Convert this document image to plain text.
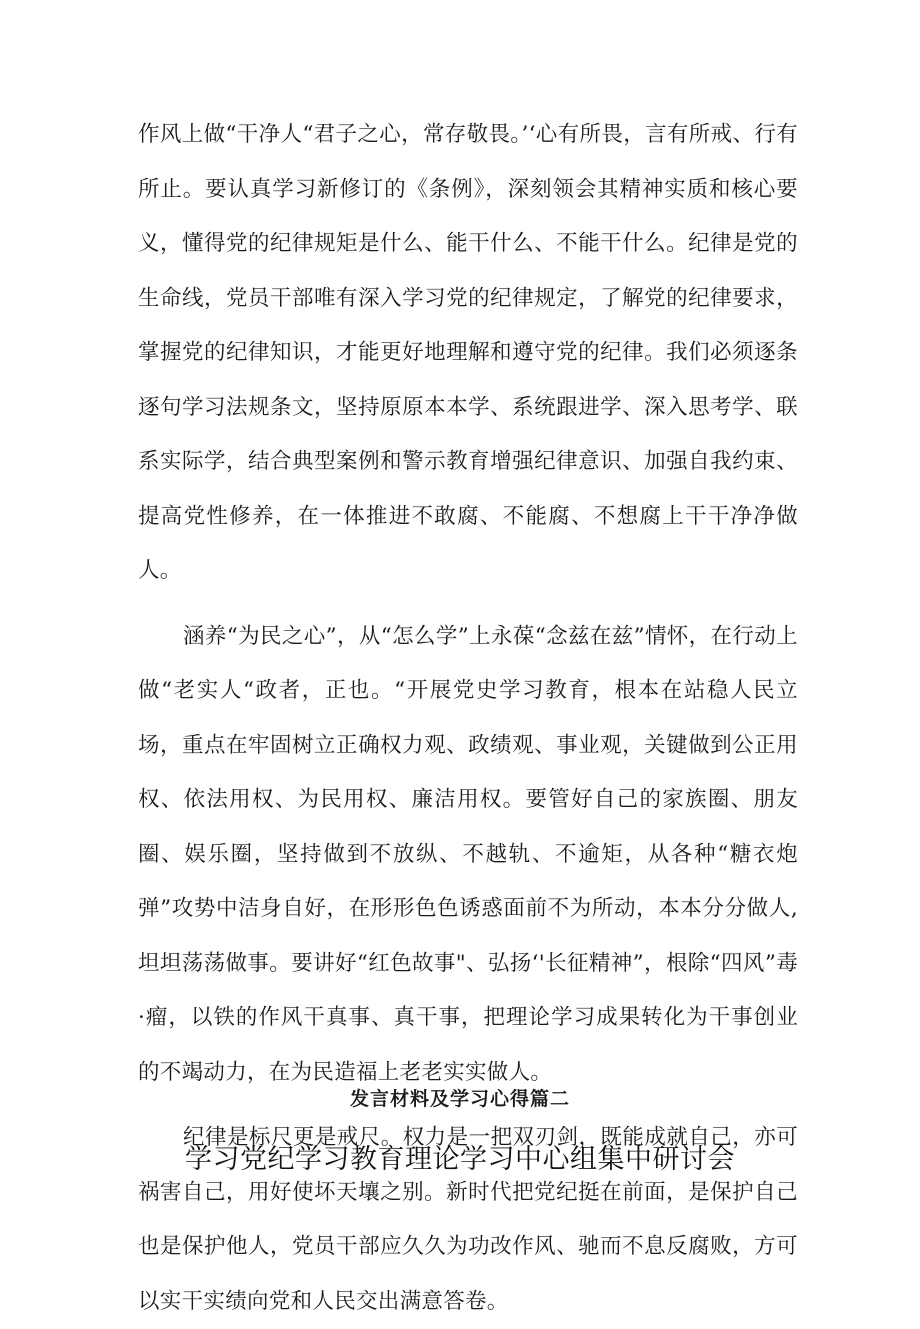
作风上做“干净人“君子之心，常存敬畏。’‘心有所畏，言有所戒、行有所止。要认真学习新修订的《条例》，深刻领会其精神实质和核心要义，懂得党的纪律规矩是什么、能干什么、不能干什么。纪律是党的生命线，党员干部唯有深入学习党的纪律规定，了解党的纪律要求，掌握党的纪律知识，才能更好地理解和遵守党的纪律。我们必须逐条逐句学习法规条文，坚持原原本本学、系统跟进学、深入思考学、联系实际学，结合典型案例和警示教育增强纪律意识、加强自我约束、提高党性修养，在一体推进不敢腐、不能腐、不想腐上干干净净做人。

涵养“为民之心”，从“怎么学”上永葆“念兹在兹”情怀，在行动上做“老实人“政者，正也。“开展党史学习教育，根本在站稳人民立场，重点在牢固树立正确权力观、政绩观、事业观，关键做到公正用权、依法用权、为民用权、廉洁用权。要管好自己的家族圈、朋友圈、娱乐圈，坚持做到不放纵、不越轨、不逾矩，从各种“糖衣炮弹”攻势中洁身自好，在形形色色诱惑面前不为所动，本本分分做人,坦坦荡荡做事。要讲好“红色故事"、弘扬‘'长征精神”，根除“四风”毒·瘤，以铁的作风干真事、真干事，把理论学习成果转化为干事创业的不竭动力，在为民造福上老老实实做人。

纪律是标尺更是戒尺。权力是一把双刃剑，既能成就自己，亦可祸害自己，用好使坏天壤之别。新时代把党纪挺在前面，是保护自己也是保护他人，党员干部应久久为功改作风、驰而不息反腐败，方可以实干实绩向党和人民交出满意答卷。

发言材料及学习心得篇二
学习党纪学习教育理论学习中心组集中研讨会
